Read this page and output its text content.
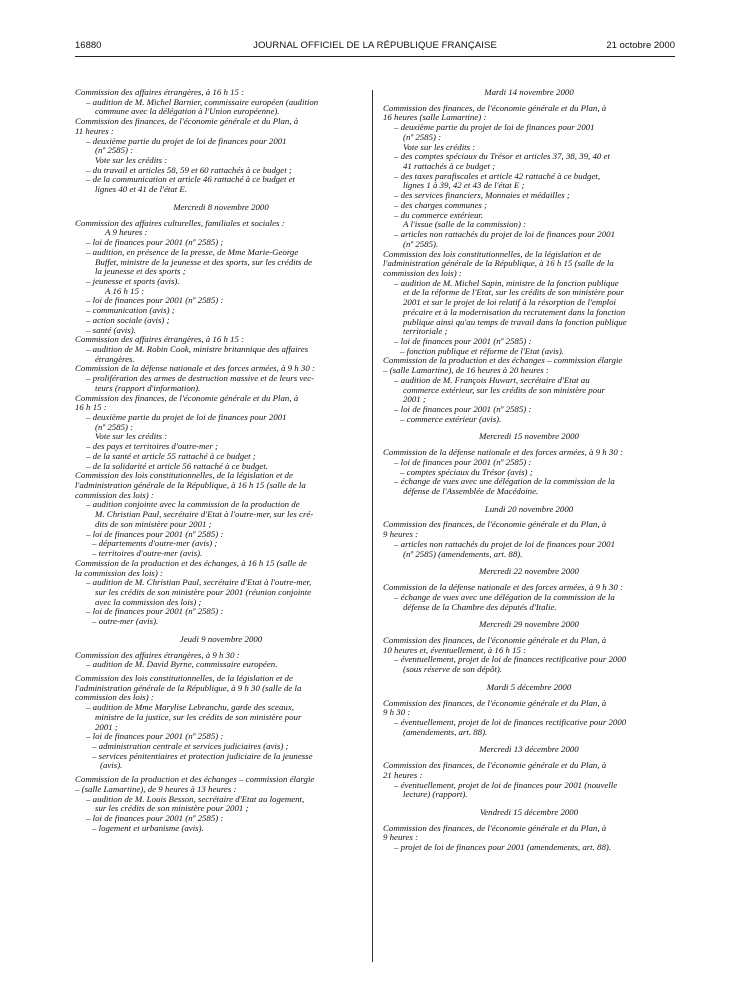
16880	JOURNAL OFFICIEL DE LA RÉPUBLIQUE FRANÇAISE	21 octobre 2000
Commission des affaires étrangères, à 16 h 15 :
– audition de M. Michel Barnier, commissaire européen (audition
commune avec la délégation à l'Union européenne).
Commission des finances, de l'économie générale et du Plan, à
11 heures :
– deuxième partie du projet de loi de finances pour 2001
(nº 2585) :
Vote sur les crédits :
– du travail et articles 58, 59 et 60 rattachés à ce budget ;
– de la communication et article 46 rattaché à ce budget et
lignes 40 et 41 de l'état E.
Mercredi 8 novembre 2000
Commission des affaires culturelles, familiales et sociales :
A 9 heures :
– loi de finances pour 2001 (nº 2585) ;
– audition, en présence de la presse, de Mme Marie-George
Buffet, ministre de la jeunesse et des sports, sur les crédits de
la jeunesse et des sports ;
– jeunesse et sports (avis).
A 16 h 15 :
– loi de finances pour 2001 (nº 2585) :
– communication (avis) ;
– action sociale (avis) ;
– santé (avis).
Commission des affaires étrangères, à 16 h 15 :
– audition de M. Robin Cook, ministre britannique des affaires
étrangères.
Commission de la défense nationale et des forces armées, à 9 h 30 :
– prolifération des armes de destruction massive et de leurs vec-
teurs (rapport d'information).
Commission des finances, de l'économie générale et du Plan, à
16 h 15 :
– deuxième partie du projet de loi de finances pour 2001
(nº 2585) :
Vote sur les crédits :
– des pays et territoires d'outre-mer ;
– de la santé et article 55 rattaché à ce budget ;
– de la solidarité et article 56 rattaché à ce budget.
Commission des lois constitutionnelles, de la législation et de
l'administration générale de la République, à 16 h 15 (salle de la
commission des lois) :
– audition conjointe avec la commission de la production de
M. Christian Paul, secrétaire d'Etat à l'outre-mer, sur les cré-
dits de son ministère pour 2001 ;
– loi de finances pour 2001 (nº 2585) :
– départements d'outre-mer (avis) ;
– territoires d'outre-mer (avis).
Commission de la production et des échanges, à 16 h 15 (salle de
la commission des lois) :
– audition de M. Christian Paul, secrétaire d'Etat à l'outre-mer,
sur les crédits de son ministère pour 2001 (réunion conjointe
avec la commission des lois) ;
– loi de finances pour 2001 (nº 2585) :
– outre-mer (avis).
Jeudi 9 novembre 2000
Commission des affaires étrangères, à 9 h 30 :
– audition de M. David Byrne, commissaire européen.
Commission des lois constitutionnelles, de la législation et de
l'administration générale de la République, à 9 h 30 (salle de la
commission des lois) :
– audition de Mme Marylise Lebranchu, garde des sceaux,
ministre de la justice, sur les crédits de son ministère pour
2001 ;
– loi de finances pour 2001 (nº 2585) :
– administration centrale et services judiciaires (avis) ;
– services pénitentiaires et protection judiciaire de la jeunesse
(avis).
Commission de la production et des échanges – commission élargie
– (salle Lamartine), de 9 heures à 13 heures :
– audition de M. Louis Besson, secrétaire d'Etat au logement,
sur les crédits de son ministère pour 2001 ;
– loi de finances pour 2001 (nº 2585) :
– logement et urbanisme (avis).
Mardi 14 novembre 2000
Commission des finances, de l'économie générale et du Plan, à
16 heures (salle Lamartine) :
– deuxième partie du projet de loi de finances pour 2001
(nº 2585) :
Vote sur les crédits :
– des comptes spéciaux du Trésor et articles 37, 38, 39, 40 et
41 rattachés à ce budget ;
– des taxes parafiscales et article 42 rattaché à ce budget,
lignes 1 à 39, 42 et 43 de l'état E ;
– des services financiers, Monnaies et médailles ;
– des charges communes ;
– du commerce extérieur.
A l'issue (salle de la commission) :
– articles non rattachés du projet de loi de finances pour 2001
(nº 2585).
Commission des lois constitutionnelles, de la législation et de
l'administration générale de la République, à 16 h 15 (salle de la
commission des lois) :
– audition de M. Michel Sapin, ministre de la fonction publique
et de la réforme de l'Etat, sur les crédits de son ministère pour
2001 et sur le projet de loi relatif à la résorption de l'emploi
précaire et à la modernisation du recrutement dans la fonction
publique ainsi qu'au temps de travail dans la fonction publique
territoriale ;
– loi de finances pour 2001 (nº 2585) :
– fonction publique et réforme de l'Etat (avis).
Commission de la production et des échanges – commission élargie
– (salle Lamartine), de 16 heures à 20 heures :
– audition de M. François Huwart, secrétaire d'Etat au
commerce extérieur, sur les crédits de son ministère pour
2001 ;
– loi de finances pour 2001 (nº 2585) :
– commerce extérieur (avis).
Mercredi 15 novembre 2000
Commission de la défense nationale et des forces armées, à 9 h 30 :
– loi de finances pour 2001 (nº 2585) :
– comptes spéciaux du Trésor (avis) ;
– échange de vues avec une délégation de la commission de la
défense de l'Assemblée de Macédoine.
Lundi 20 novembre 2000
Commission des finances, de l'économie générale et du Plan, à
9 heures :
– articles non rattachés du projet de loi de finances pour 2001
(nº 2585) (amendements, art. 88).
Mercredi 22 novembre 2000
Commission de la défense nationale et des forces armées, à 9 h 30 :
– échange de vues avec une délégation de la commission de la
défense de la Chambre des députés d'Italie.
Mercredi 29 novembre 2000
Commission des finances, de l'économie générale et du Plan, à
10 heures et, éventuellement, à 16 h 15 :
– éventuellement, projet de loi de finances rectificative pour 2000
(sous réserve de son dépôt).
Mardi 5 décembre 2000
Commission des finances, de l'économie générale et du Plan, à
9 h 30 :
– éventuellement, projet de loi de finances rectificative pour 2000
(amendements, art. 88).
Mercredi 13 décembre 2000
Commission des finances, de l'économie générale et du Plan, à
21 heures :
– éventuellement, projet de loi de finances pour 2001 (nouvelle
lecture) (rapport).
Vendredi 15 décembre 2000
Commission des finances, de l'économie générale et du Plan, à
9 heures :
– projet de loi de finances pour 2001 (amendements, art. 88).
